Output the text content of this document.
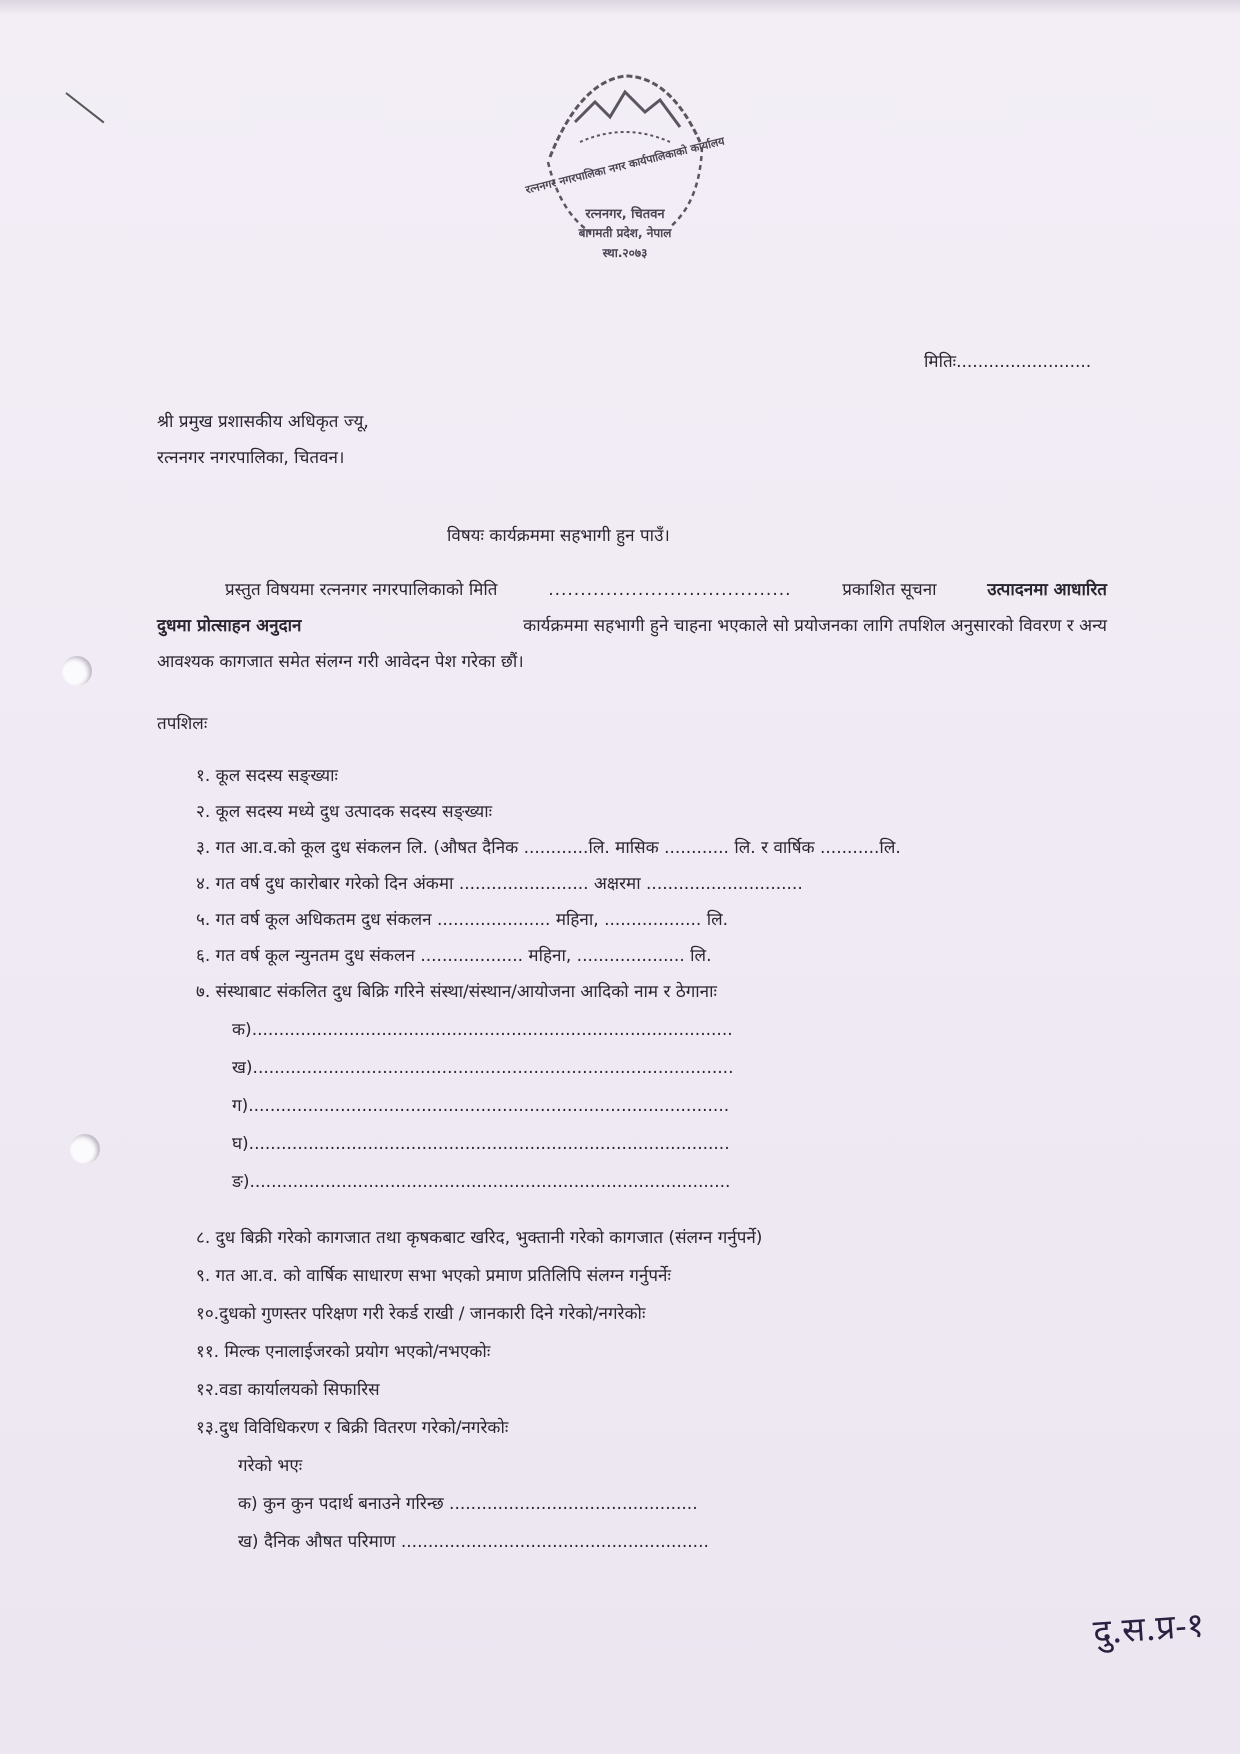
रत्ननगर नगरपालिका नगर कार्यपालिकाको कार्यालय
रत्ननगर, चितवन
बागमती प्रदेश, नेपाल
स्था.२०७३
मितिः.........................
श्री प्रमुख प्रशासकीय अधिकृत ज्यू,
रत्ननगर नगरपालिका, चितवन।
विषयः कार्यक्रममा सहभागी हुन पाउँ।
प्रस्तुत विषयमा रत्ननगर नगरपालिकाको मिति	......................................	प्रकाशित सूचना	उत्पादनमा आधारित
दुधमा प्रोत्साहन अनुदान	कार्यक्रममा सहभागी हुने चाहना भएकाले सो प्रयोजनका लागि तपशिल अनुसारको विवरण र अन्य
आवश्यक कागजात समेत संलग्न गरी आवेदन पेश गरेका छौं।
तपशिलः
१. कूल सदस्य सङ्ख्याः
२. कूल सदस्य मध्ये दुध उत्पादक सदस्य सङ्ख्याः
३. गत आ.व.को कूल दुध संकलन लि. (औषत दैनिक ............लि. मासिक ............ लि. र वार्षिक ...........लि.
४. गत वर्ष दुध कारोबार गरेको दिन अंकमा ........................ अक्षरमा .............................
५. गत वर्ष कूल अधिकतम दुध संकलन ..................... महिना, .................. लि.
६. गत वर्ष कूल न्युनतम दुध संकलन ................... महिना, .................... लि.
७. संस्थाबाट संकलित दुध बिक्रि गरिने संस्था/संस्थान/आयोजना आदिको नाम र ठेगानाः
क).........................................................................................
ख).........................................................................................
ग).........................................................................................
घ).........................................................................................
ङ).........................................................................................
८. दुध बिक्री गरेको कागजात तथा कृषकबाट खरिद, भुक्तानी गरेको कागजात (संलग्न गर्नुपर्ने)
९. गत आ.व. को वार्षिक साधारण सभा भएको प्रमाण प्रतिलिपि संलग्न गर्नुपर्नेः
१०.दुधको गुणस्तर परिक्षण गरी रेकर्ड राखी / जानकारी दिने गरेको/नगरेकोः
११. मिल्क एनालाईजरको प्रयोग भएको/नभएकोः
१२.वडा कार्यालयको सिफारिस
१३.दुध विविधिकरण र बिक्री वितरण गरेको/नगरेकोः
गरेको भएः
क) कुन कुन पदार्थ बनाउने गरिन्छ ..............................................
ख) दैनिक औषत परिमाण .........................................................
दु.स.प्र-१
